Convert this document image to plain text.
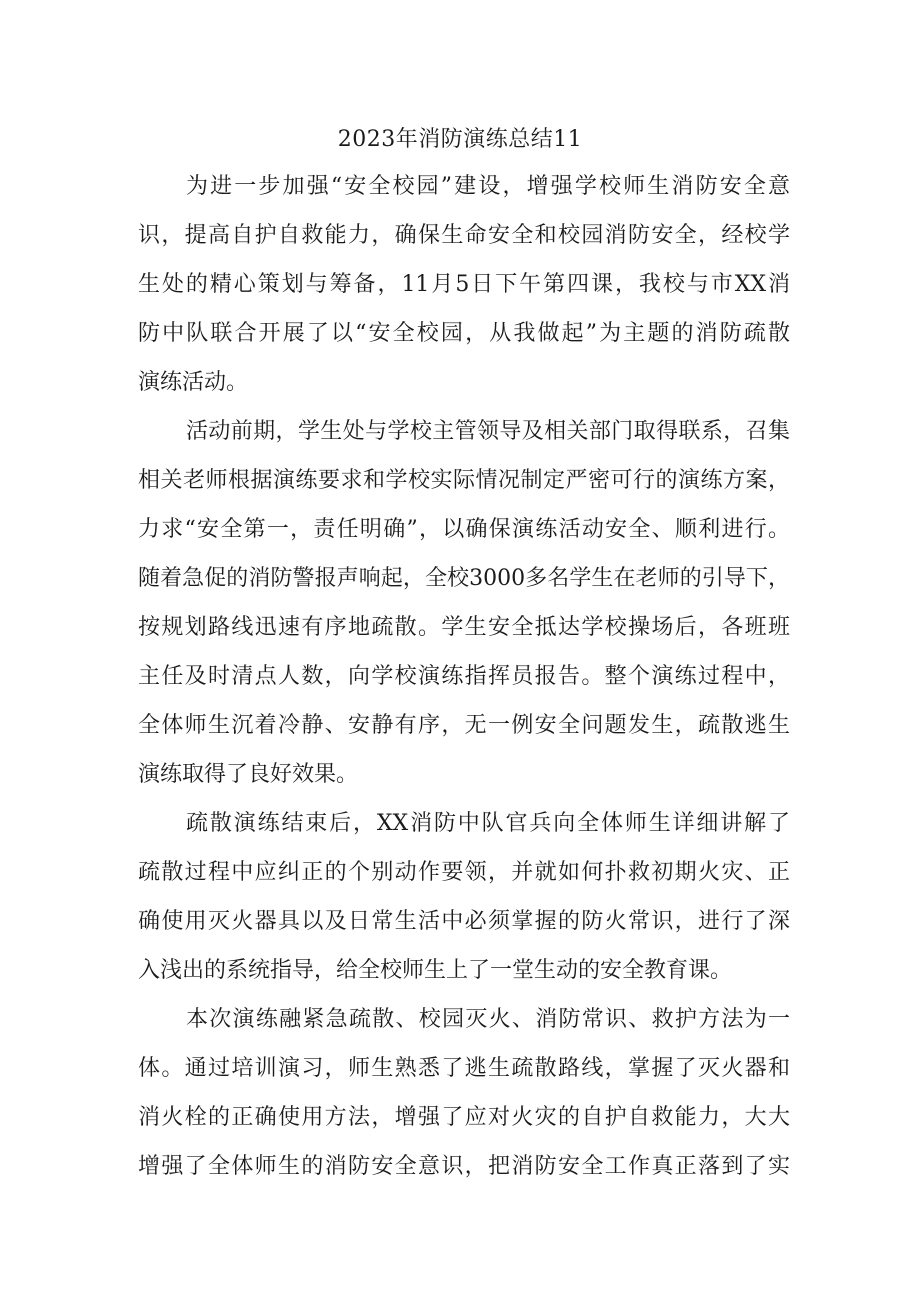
2023年消防演练总结11
为进一步加强“安全校园”建设，增强学校师生消防安全意
识，提高自护自救能力，确保生命安全和校园消防安全，经校学
生处的精心策划与筹备，11月5日下午第四课，我校与市XX消
防中队联合开展了以“安全校园，从我做起”为主题的消防疏散
演练活动。
活动前期，学生处与学校主管领导及相关部门取得联系，召集
相关老师根据演练要求和学校实际情况制定严密可行的演练方案，
力求“安全第一，责任明确”，以确保演练活动安全、顺利进行。
随着急促的消防警报声响起，全校3000多名学生在老师的引导下，
按规划路线迅速有序地疏散。学生安全抵达学校操场后，各班班
主任及时清点人数，向学校演练指挥员报告。整个演练过程中，
全体师生沉着冷静、安静有序，无一例安全问题发生，疏散逃生
演练取得了良好效果。
疏散演练结束后，XX消防中队官兵向全体师生详细讲解了
疏散过程中应纠正的个别动作要领，并就如何扑救初期火灾、正
确使用灭火器具以及日常生活中必须掌握的防火常识，进行了深
入浅出的系统指导，给全校师生上了一堂生动的安全教育课。
本次演练融紧急疏散、校园灭火、消防常识、救护方法为一
体。通过培训演习，师生熟悉了逃生疏散路线，掌握了灭火器和
消火栓的正确使用方法，增强了应对火灾的自护自救能力，大大
增强了全体师生的消防安全意识，把消防安全工作真正落到了实
